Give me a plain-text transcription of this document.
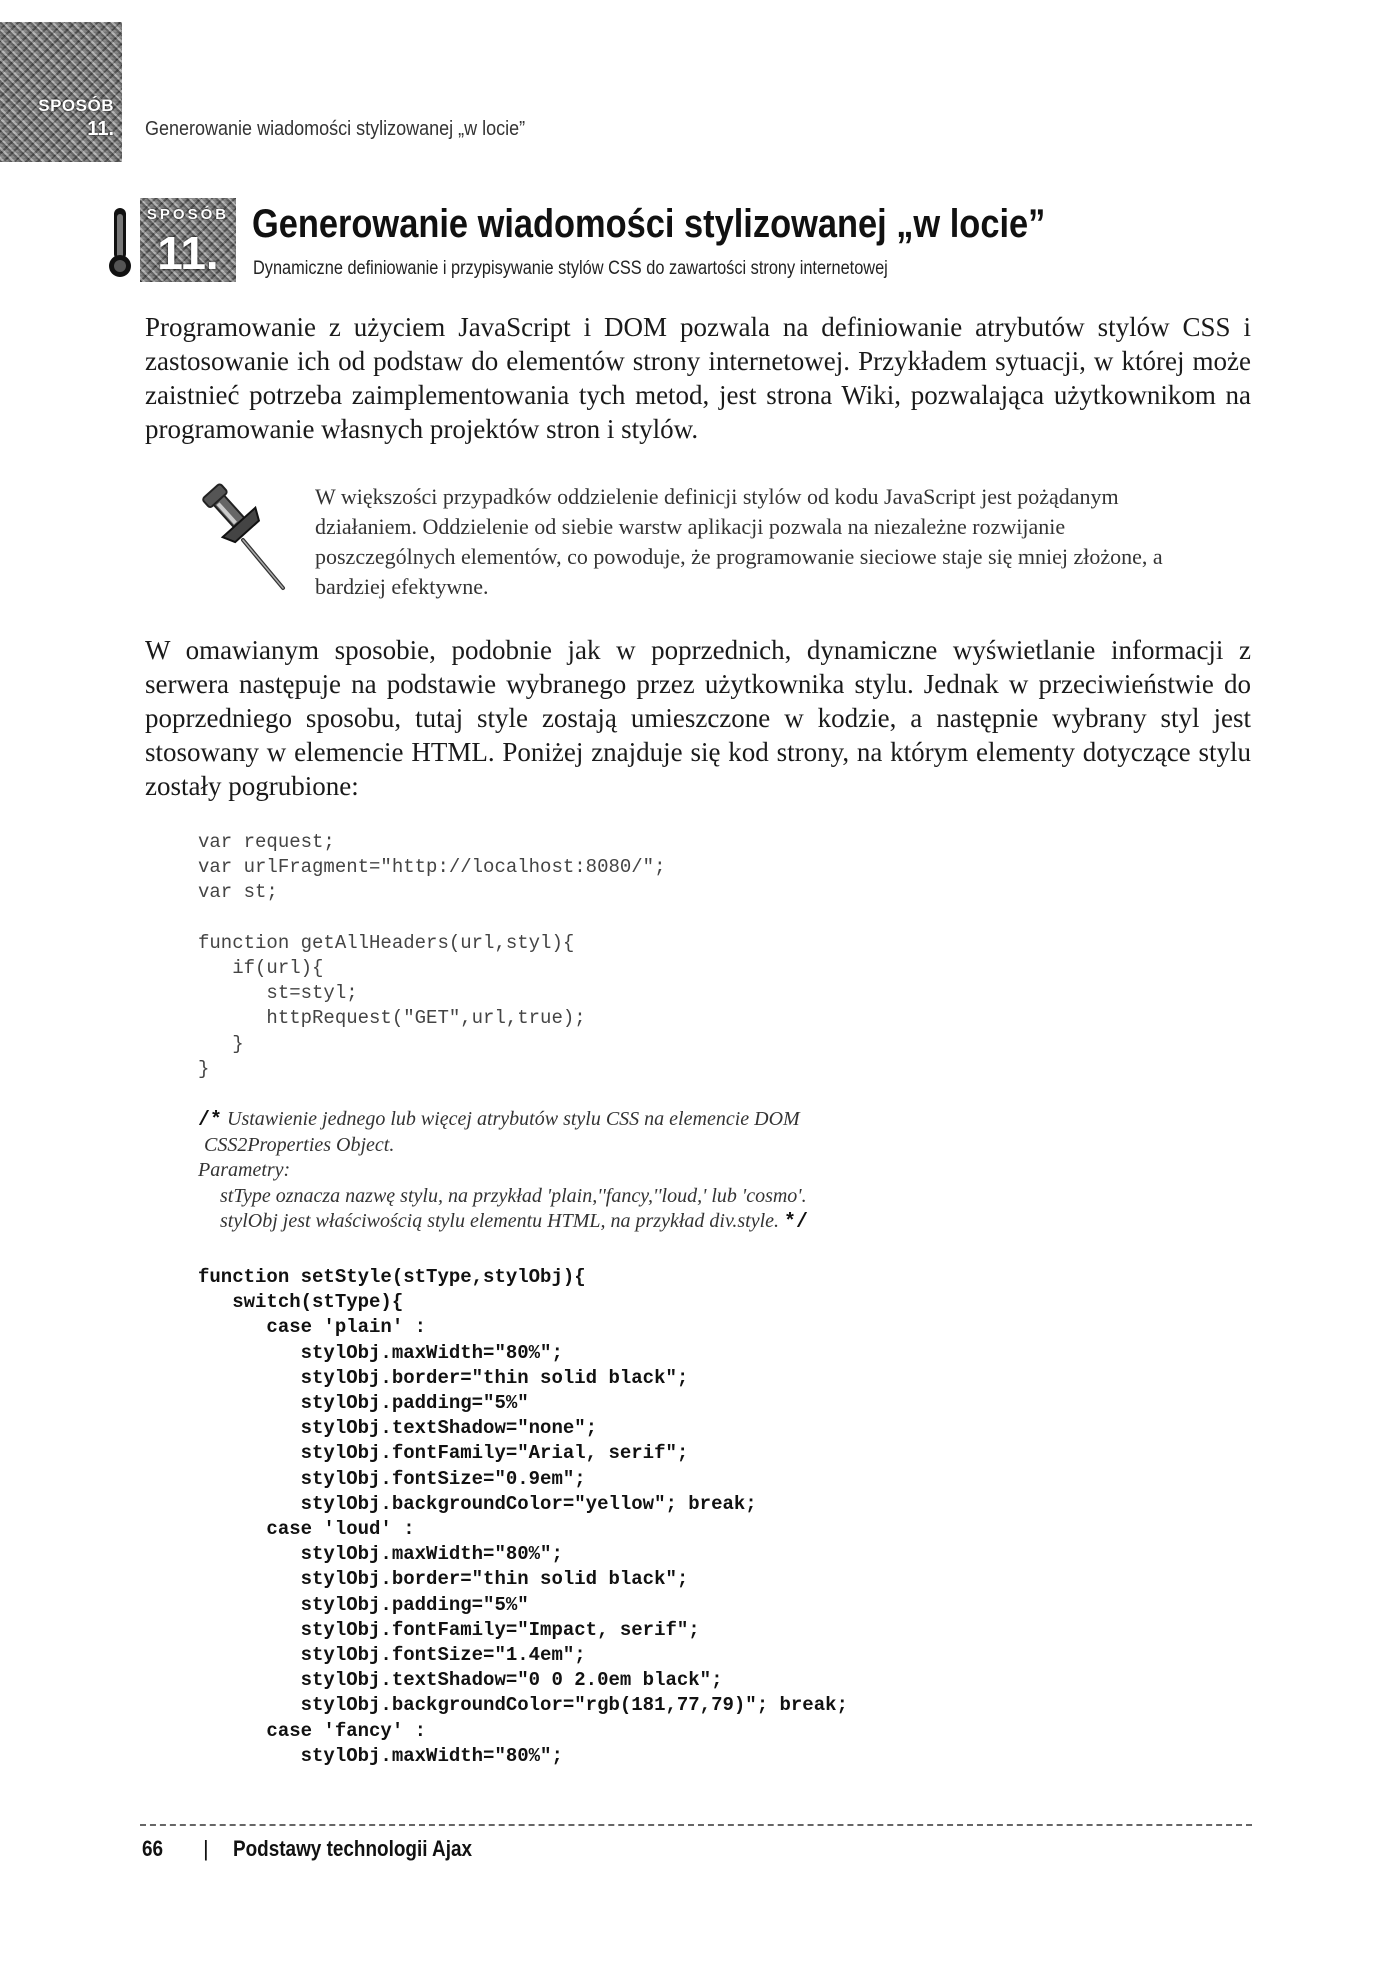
SPOSÓB
11. Generowanie wiadomości stylizowanej „w locie”
SPOSÓB
11.
Generowanie wiadomości stylizowanej „w locie”
Dynamiczne definiowanie i przypisywanie stylów CSS do zawartości strony internetowej

Programowanie z użyciem JavaScript i DOM pozwala na definiowanie atrybutów stylów CSS i zastosowanie ich od podstaw do elementów strony internetowej. Przykładem sytuacji, w której może zaistnieć potrzeba zaimplementowania tych metod, jest strona Wiki, pozwalająca użytkownikom na programowanie własnych projektów stron i stylów.

W większości przypadków oddzielenie definicji stylów od kodu JavaScript jest pożądanym działaniem. Oddzielenie od siebie warstw aplikacji pozwala na niezależne rozwijanie poszczególnych elementów, co powoduje, że programowanie sieciowe staje się mniej złożone, a bardziej efektywne.

W omawianym sposobie, podobnie jak w poprzednich, dynamiczne wyświetlanie informacji z serwera następuje na podstawie wybranego przez użytkownika stylu. Jednak w przeciwieństwie do poprzedniego sposobu, tutaj style zostają umieszczone w kodzie, a następnie wybrany styl jest stosowany w elemencie HTML. Poniżej znajduje się kod strony, na którym elementy dotyczące stylu zostały pogrubione:

var request;
var urlFragment="http://localhost:8080/";
var st;

function getAllHeaders(url,styl){
if(url){
st=styl;
httpRequest("GET",url,true);
}
}
/* Ustawienie jednego lub więcej atrybutów stylu CSS na elemencie DOM
CSS2Properties Object.
Parametry:
stType oznacza nazwę stylu, na przykład 'plain,''fancy,''loud,' lub 'cosmo'.
stylObj jest właściwością stylu elementu HTML, na przykład div.style. */
function setStyle(stType,stylObj){
switch(stType){
case 'plain' :
stylObj.maxWidth="80%";
stylObj.border="thin solid black";
stylObj.padding="5%"
stylObj.textShadow="none";
stylObj.fontFamily="Arial, serif";
stylObj.fontSize="0.9em";
stylObj.backgroundColor="yellow"; break;
case 'loud' :
stylObj.maxWidth="80%";
stylObj.border="thin solid black";
stylObj.padding="5%"
stylObj.fontFamily="Impact, serif";
stylObj.fontSize="1.4em";
stylObj.textShadow="0 0 2.0em black";
stylObj.backgroundColor="rgb(181,77,79)"; break;
case 'fancy' :
stylObj.maxWidth="80%";
66 | Podstawy technologii Ajax
